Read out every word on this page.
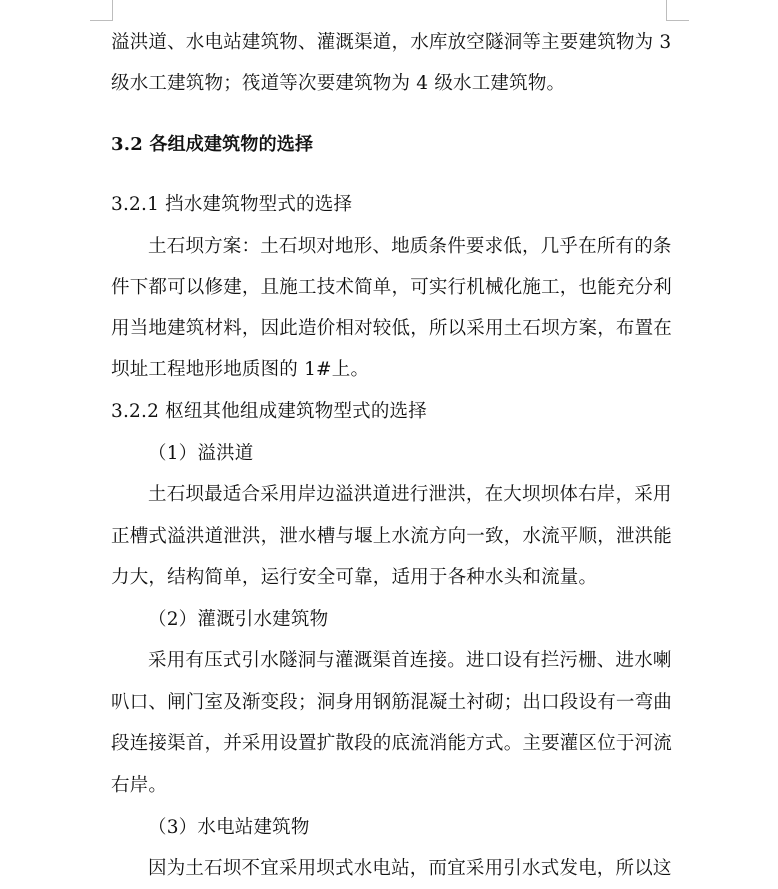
溢洪道、水电站建筑物、灌溉渠道，水库放空隧洞等主要建筑物为 3
级水工建筑物；筏道等次要建筑物为 4 级水工建筑物。
3.2 各组成建筑物的选择
3.2.1 挡水建筑物型式的选择
土石坝方案：土石坝对地形、地质条件要求低，几乎在所有的条
件下都可以修建，且施工技术简单，可实行机械化施工，也能充分利
用当地建筑材料，因此造价相对较低，所以采用土石坝方案，布置在
坝址工程地形地质图的 1#上。
3.2.2 枢纽其他组成建筑物型式的选择
（1）溢洪道
土石坝最适合采用岸边溢洪道进行泄洪，在大坝坝体右岸，采用
正槽式溢洪道泄洪，泄水槽与堰上水流方向一致，水流平顺，泄洪能
力大，结构简单，运行安全可靠，适用于各种水头和流量。
（2）灌溉引水建筑物
采用有压式引水隧洞与灌溉渠首连接。进口设有拦污栅、进水喇
叭口、闸门室及渐变段；洞身用钢筋混凝土衬砌；出口段设有一弯曲
段连接渠首，并采用设置扩散段的底流消能方式。主要灌区位于河流
右岸。
（3）水电站建筑物
因为土石坝不宜采用坝式水电站，而宜采用引水式发电，所以这
